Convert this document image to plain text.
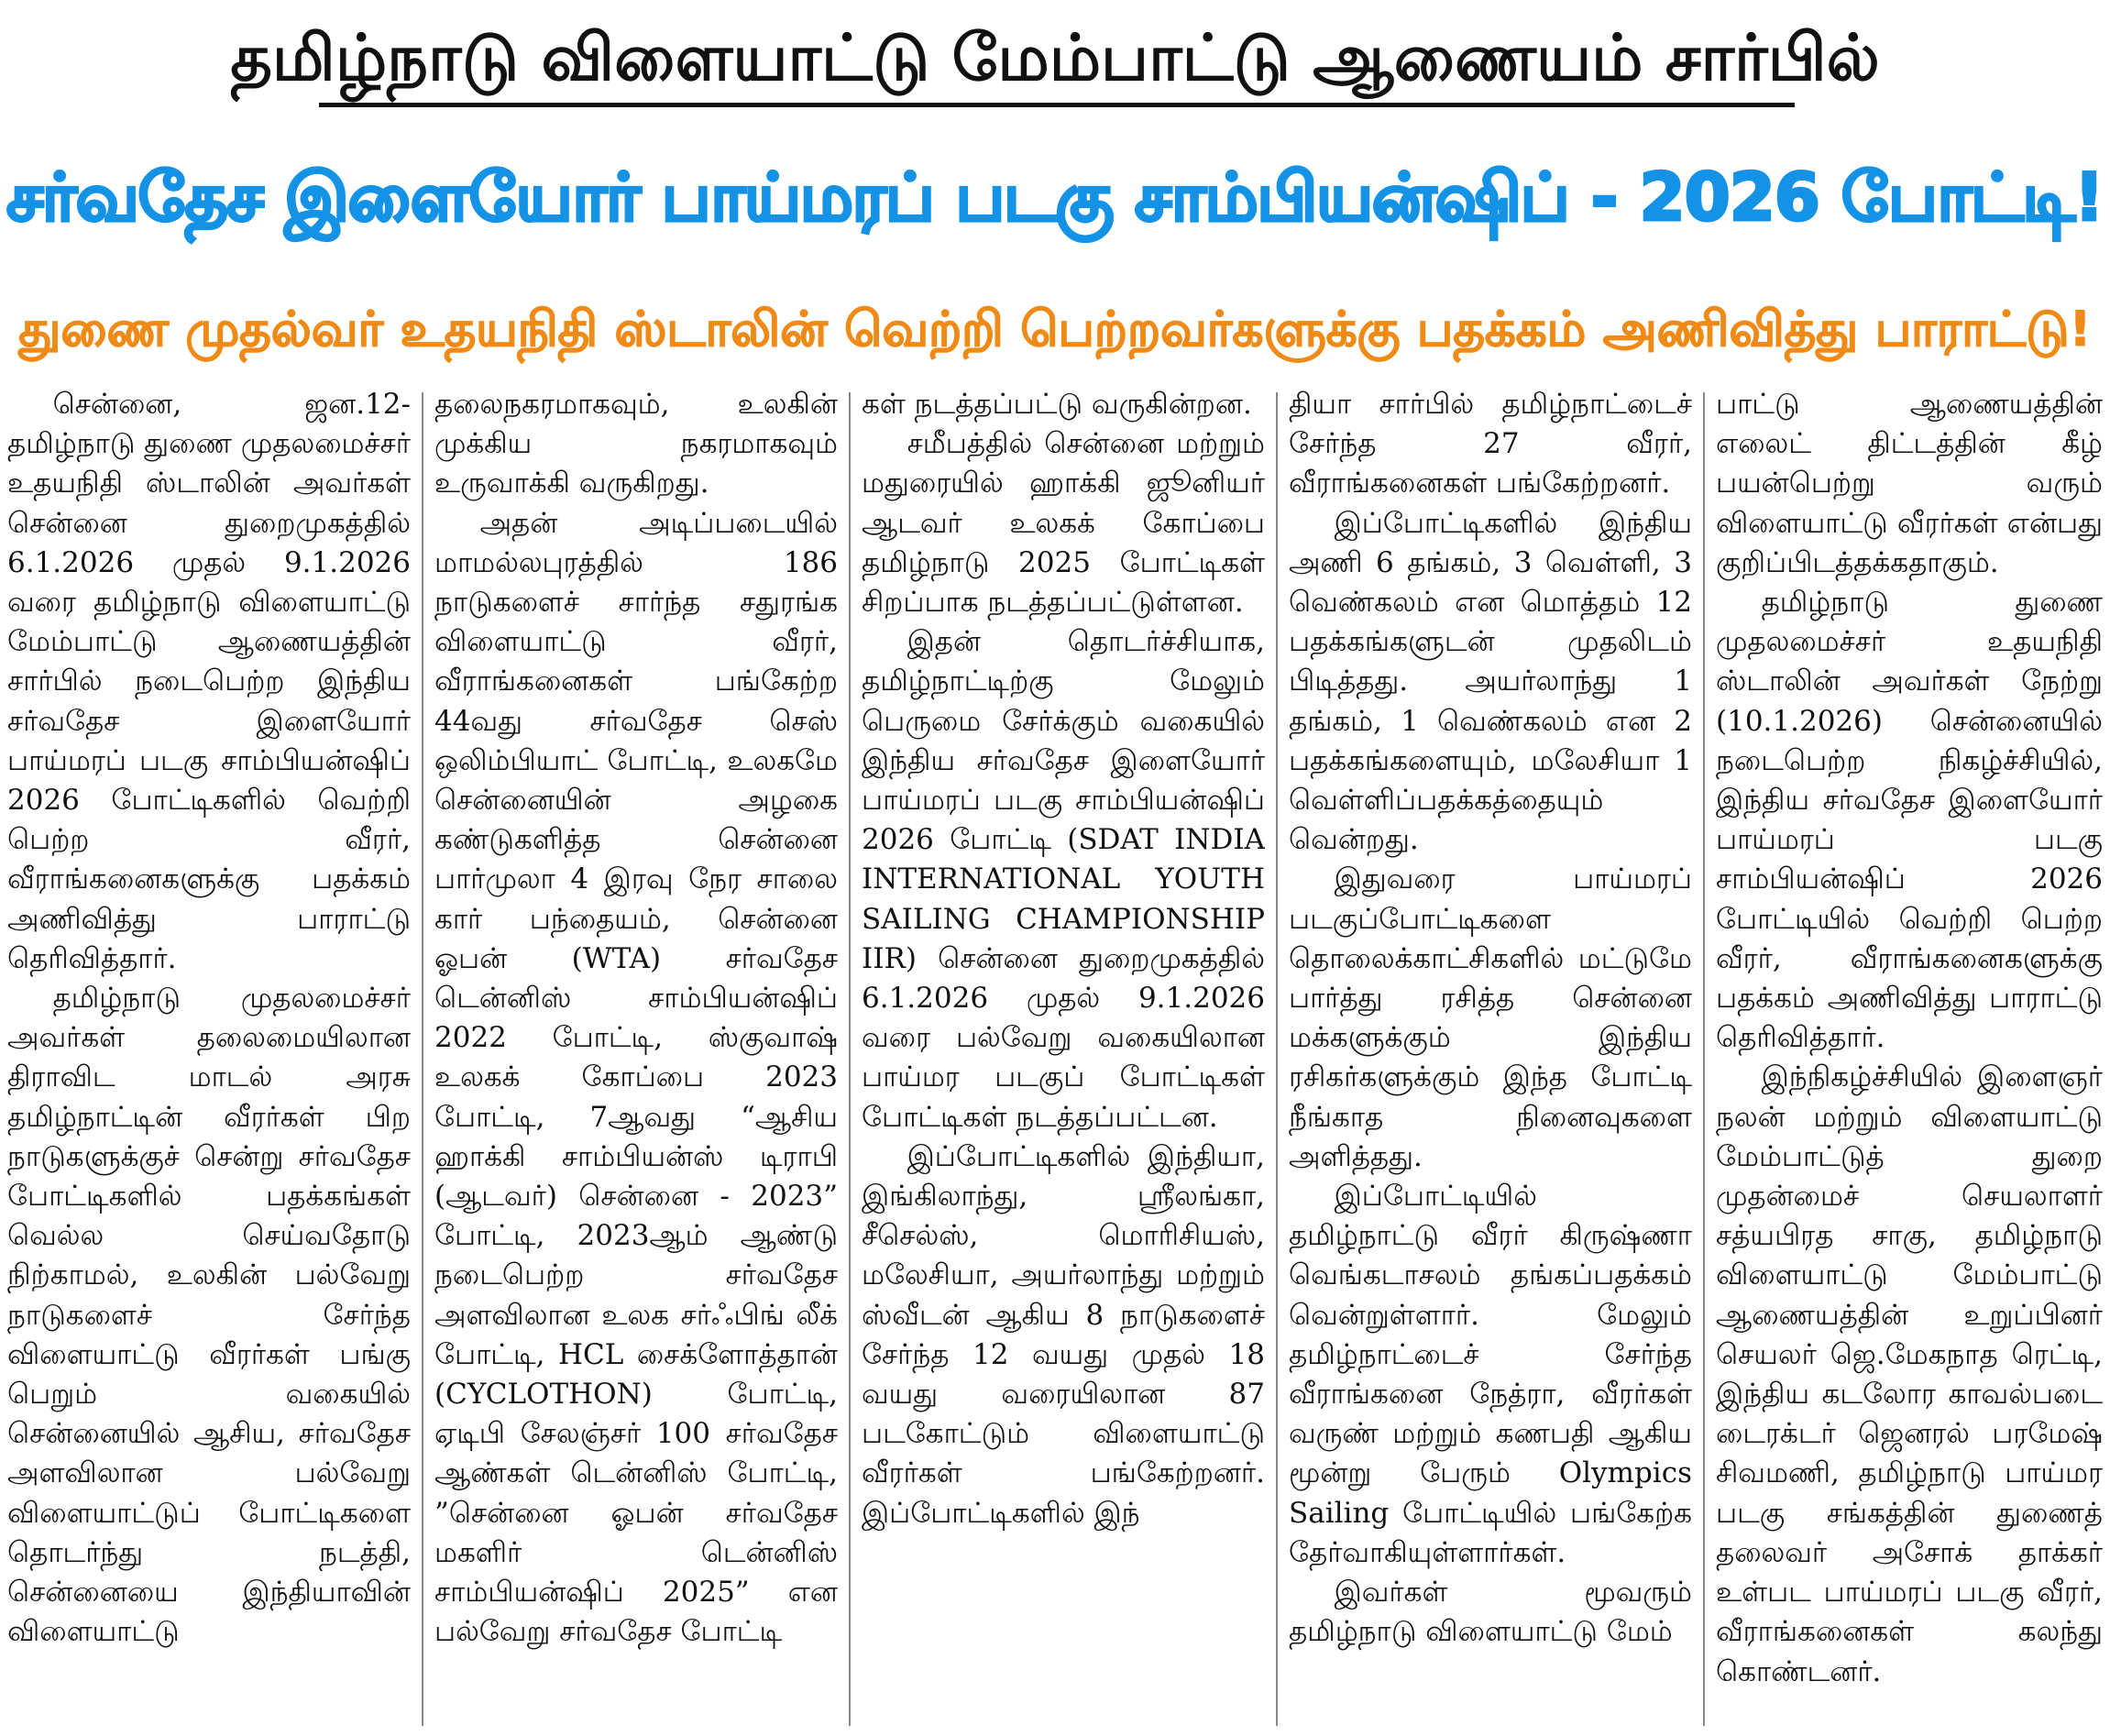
தமிழ்நாடு விளையாட்டு மேம்பாட்டு ஆணையம் சார்பில்
சர்வதேச இளையோர் பாய்மரப் படகு சாம்பியன்ஷிப் - 2026 போட்டி!
துணை முதல்வர் உதயநிதி ஸ்டாலின் வெற்றி பெற்றவர்களுக்கு பதக்கம் அணிவித்து பாராட்டு!

சென்னை, ஜன.12- தமிழ்நாடு துணை முதலமைச்சர் உதயநிதி ஸ்டாலின் அவர்கள் சென்னை துறைமுகத்தில் 6.1.2026 முதல் 9.1.2026 வரை தமிழ்நாடு விளையாட்டு மேம்பாட்டு ஆணையத்தின் சார்பில் நடைபெற்ற இந்திய சர்வதேச இளையோர் பாய்மரப் படகு சாம்பியன்ஷிப் 2026 போட்டிகளில் வெற்றி பெற்ற வீரர், வீராங்கனைகளுக்கு பதக்கம் அணிவித்து பாராட்டு தெரிவித்தார்.

தமிழ்நாடு முதலமைச்சர் அவர்கள் தலைமையிலான திராவிட மாடல் அரசு தமிழ்நாட்டின் வீரர்கள் பிற நாடுகளுக்குச் சென்று சர்வதேச போட்டிகளில் பதக்கங்கள் வெல்ல செய்வதோடு நிற்காமல், உலகின் பல்வேறு நாடுகளைச் சேர்ந்த விளையாட்டு வீரர்கள் பங்கு பெறும் வகையில் சென்னையில் ஆசிய, சர்வதேச அளவிலான பல்வேறு விளையாட்டுப் போட்டிகளை தொடர்ந்து நடத்தி, சென்னையை இந்தியாவின் விளையாட்டு

தலைநகரமாகவும், உலகின் முக்கிய நகரமாகவும் உருவாக்கி வருகிறது.

அதன் அடிப்படையில் மாமல்லபுரத்தில் 186 நாடுகளைச் சார்ந்த சதுரங்க விளையாட்டு வீரர், வீராங்கனைகள் பங்கேற்ற 44வது சர்வதேச செஸ் ஒலிம்பியாட் போட்டி, உலகமே சென்னையின் அழகை கண்டுகளித்த சென்னை பார்முலா 4 இரவு நேர சாலை கார் பந்தையம், சென்னை ஓபன் (WTA) சர்வதேச டென்னிஸ் சாம்பியன்ஷிப் 2022 போட்டி, ஸ்குவாஷ் உலகக் கோப்பை 2023 போட்டி, 7ஆவது “ஆசிய ஹாக்கி சாம்பியன்ஸ் டிராபி (ஆடவர்) சென்னை - 2023” போட்டி, 2023ஆம் ஆண்டு நடைபெற்ற சர்வதேச அளவிலான உலக சர்ஃபிங் லீக் போட்டி, HCL சைக்ளோத்தான் (CYCLOTHON) போட்டி, ஏடிபி சேலஞ்சர் 100 சர்வதேச ஆண்கள் டென்னிஸ் போட்டி, ”சென்னை ஓபன் சர்வதேச மகளிர் டென்னிஸ் சாம்பியன்ஷிப் 2025” என பல்வேறு சர்வதேச போட்டி

கள் நடத்தப்பட்டு வருகின்றன.

சமீபத்தில் சென்னை மற்றும் மதுரையில் ஹாக்கி ஜூனியர் ஆடவர் உலகக் கோப்பை தமிழ்நாடு 2025 போட்டிகள் சிறப்பாக நடத்தப்பட்டுள்ளன.

இதன் தொடர்ச்சியாக, தமிழ்நாட்டிற்கு மேலும் பெருமை சேர்க்கும் வகையில் இந்திய சர்வதேச இளையோர் பாய்மரப் படகு சாம்பியன்ஷிப் 2026 போட்டி (SDAT INDIA INTERNATIONAL YOUTH SAILING CHAMPIONSHIP IIR) சென்னை துறைமுகத்தில் 6.1.2026 முதல் 9.1.2026 வரை பல்வேறு வகையிலான பாய்மர படகுப் போட்டிகள் போட்டிகள் நடத்தப்பட்டன.

இப்போட்டிகளில் இந்தியா, இங்கிலாந்து, ஸ்ரீலங்கா, சீசெல்ஸ், மொரிசியஸ், மலேசியா, அயர்லாந்து மற்றும் ஸ்வீடன் ஆகிய 8 நாடுகளைச் சேர்ந்த 12 வயது முதல் 18 வயது வரையிலான 87 படகோட்டும் விளையாட்டு வீரர்கள் பங்கேற்றனர். இப்போட்டிகளில் இந்

தியா சார்பில் தமிழ்நாட்டைச் சேர்ந்த 27 வீரர், வீராங்கனைகள் பங்கேற்றனர்.

இப்போட்டிகளில் இந்திய அணி 6 தங்கம், 3 வெள்ளி, 3 வெண்கலம் என மொத்தம் 12 பதக்கங்களுடன் முதலிடம் பிடித்தது. அயர்லாந்து 1 தங்கம், 1 வெண்கலம் என 2 பதக்கங்களையும், மலேசியா 1 வெள்ளிப்பதக்கத்தையும் வென்றது.

இதுவரை பாய்மரப் படகுப்போட்டிகளை தொலைக்காட்சிகளில் மட்டுமே பார்த்து ரசித்த சென்னை மக்களுக்கும் இந்திய ரசிகர்களுக்கும் இந்த போட்டி நீங்காத நினைவுகளை அளித்தது.

இப்போட்டியில் தமிழ்நாட்டு வீரர் கிருஷ்ணா வெங்கடாசலம் தங்கப்பதக்கம் வென்றுள்ளார். மேலும் தமிழ்நாட்டைச் சேர்ந்த வீராங்கனை நேத்ரா, வீரர்கள் வருண் மற்றும் கணபதி ஆகிய மூன்று பேரும் Olympics Sailing போட்டியில் பங்கேற்க தேர்வாகியுள்ளார்கள்.

இவர்கள் மூவரும் தமிழ்நாடு விளையாட்டு மேம்

பாட்டு ஆணையத்தின் எலைட் திட்டத்தின் கீழ் பயன்பெற்று வரும் விளையாட்டு வீரர்கள் என்பது குறிப்பிடத்தக்கதாகும்.

தமிழ்நாடு துணை முதலமைச்சர் உதயநிதி ஸ்டாலின் அவர்கள் நேற்று (10.1.2026) சென்னையில் நடைபெற்ற நிகழ்ச்சியில், இந்திய சர்வதேச இளையோர் பாய்மரப் படகு சாம்பியன்ஷிப் 2026 போட்டியில் வெற்றி பெற்ற வீரர், வீராங்கனைகளுக்கு பதக்கம் அணிவித்து பாராட்டு தெரிவித்தார்.

இந்நிகழ்ச்சியில் இளைஞர் நலன் மற்றும் விளையாட்டு மேம்பாட்டுத் துறை முதன்மைச் செயலாளர் சத்யபிரத சாகு, தமிழ்நாடு விளையாட்டு மேம்பாட்டு ஆணையத்தின் உறுப்பினர் செயலர் ஜெ.மேகநாத ரெட்டி, இந்திய கடலோர காவல்படை டைரக்டர் ஜெனரல் பரமேஷ் சிவமணி, தமிழ்நாடு பாய்மர படகு சங்கத்தின் துணைத் தலைவர் அசோக் தாக்கர் உள்பட பாய்மரப் படகு வீரர், வீராங்கனைகள் கலந்து கொண்டனர்.
